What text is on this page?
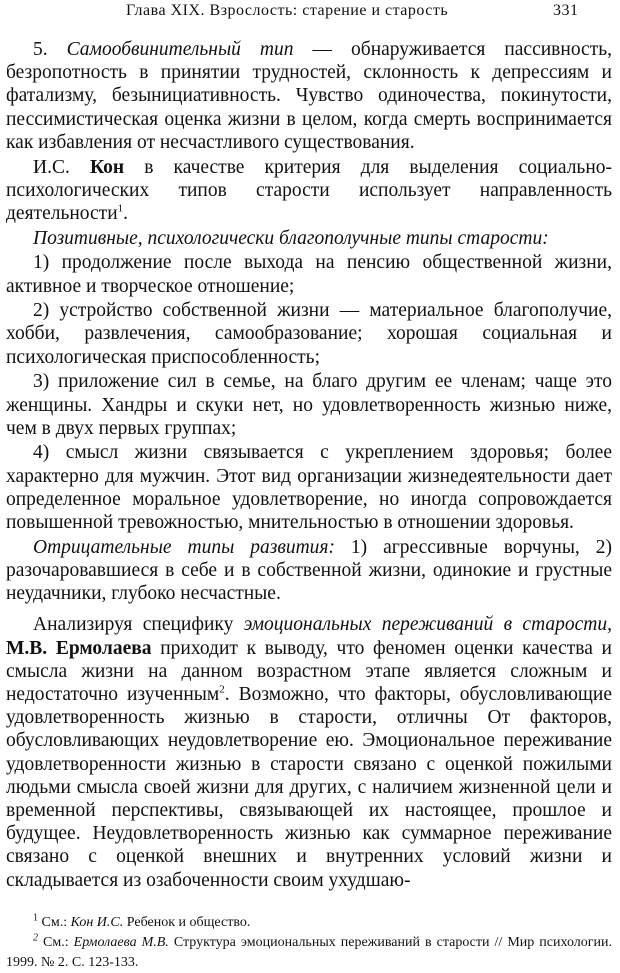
Глава XIX. Взрослость: старение и старость	331

5. Самообвинительный тип — обнаруживается пассивность, безропотность в принятии трудностей, склонность к депрессиям и фатализму, безынициативность. Чувство одиночества, покинутости, пессимистическая оценка жизни в целом, когда смерть воспринимается как избавления от несчастливого существования.

И.С. Кон в качестве критерия для выделения социально-психологических типов старости использует направленность деятельности$^1$.

Позитивные, психологически благополучные типы старости:

1) продолжение после выхода на пенсию общественной жизни, активное и творческое отношение;

2) устройство собственной жизни — материальное благополучие, хобби, развлечения, самообразование; хорошая социальная и психологическая приспособленность;

3) приложение сил в семье, на благо другим ее членам; чаще это женщины. Хандры и скуки нет, но удовлетворенность жизнью ниже, чем в двух первых группах;

4) смысл жизни связывается с укреплением здоровья; более характерно для мужчин. Этот вид организации жизнедеятельности дает определенное моральное удовлетворение, но иногда сопровождается повышенной тревожностью, мнительностью в отношении здоровья.

Отрицательные типы развития: 1) агрессивные ворчуны, 2) разочаровавшиеся в себе и в собственной жизни, одинокие и грустные неудачники, глубоко несчастные.

Анализируя специфику эмоциональных переживаний в старости, М.В. Ермолаева приходит к выводу, что феномен оценки качества и смысла жизни на данном возрастном этапе является сложным и недостаточно изученным$^2$. Возможно, что факторы, обусловливающие удовлетворенность жизнью в старости, отличны От факторов, обусловливающих неудовлетворение ею. Эмоциональное переживание удовлетворенности жизнью в старости связано с оценкой пожилыми людьми смысла своей жизни для других, с наличием жизненной цели и временной перспективы, связывающей их настоящее, прошлое и будущее. Неудовлетворенность жизнью как суммарное переживание связано с оценкой внешних и внутренних условий жизни и складывается из озабоченности своим ухудшаю-

$^1$ См.: Кон И.С. Ребенок и общество.

$^2$ См.: Ермолаева М.В. Структура эмоциональных переживаний в старости // Мир психологии. 1999. № 2. С. 123-133.
